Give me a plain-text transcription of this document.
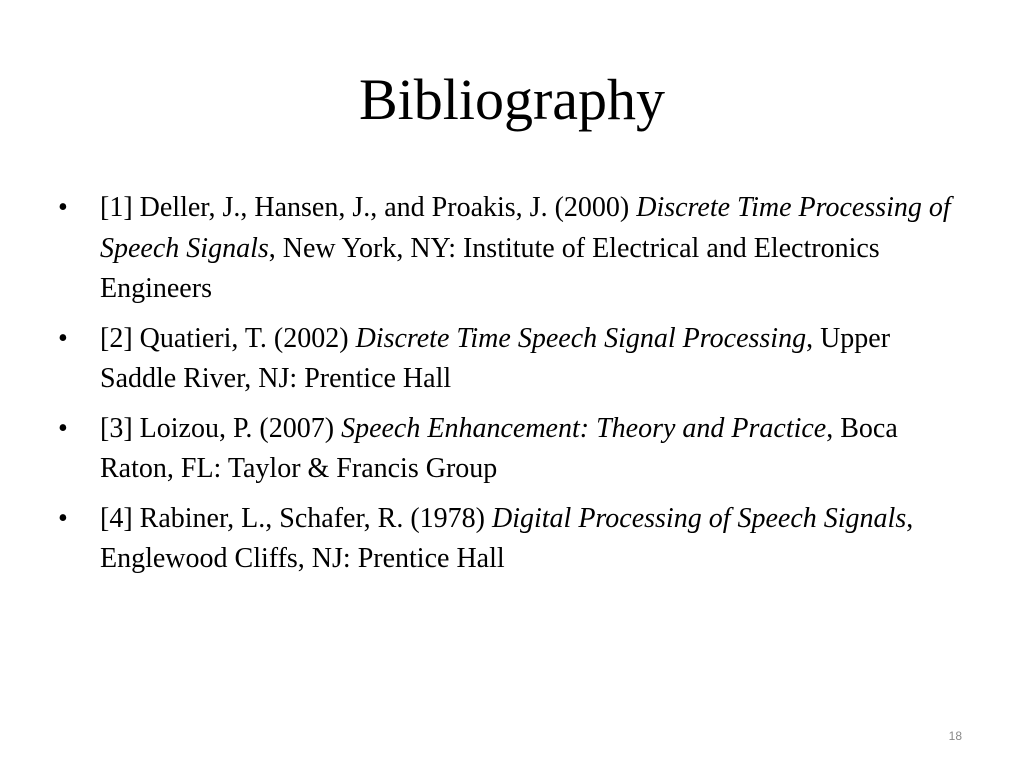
Bibliography
•	[1] Deller, J., Hansen, J., and Proakis, J. (2000) Discrete Time Processing of Speech Signals, New York, NY: Institute of Electrical and Electronics Engineers
•	[2] Quatieri, T. (2002) Discrete Time Speech Signal Processing, Upper Saddle River, NJ: Prentice Hall
•	[3] Loizou, P. (2007) Speech Enhancement: Theory and Practice, Boca Raton, FL: Taylor & Francis Group
•	[4] Rabiner, L., Schafer, R. (1978) Digital Processing of Speech Signals, Englewood Cliffs, NJ: Prentice Hall
18
